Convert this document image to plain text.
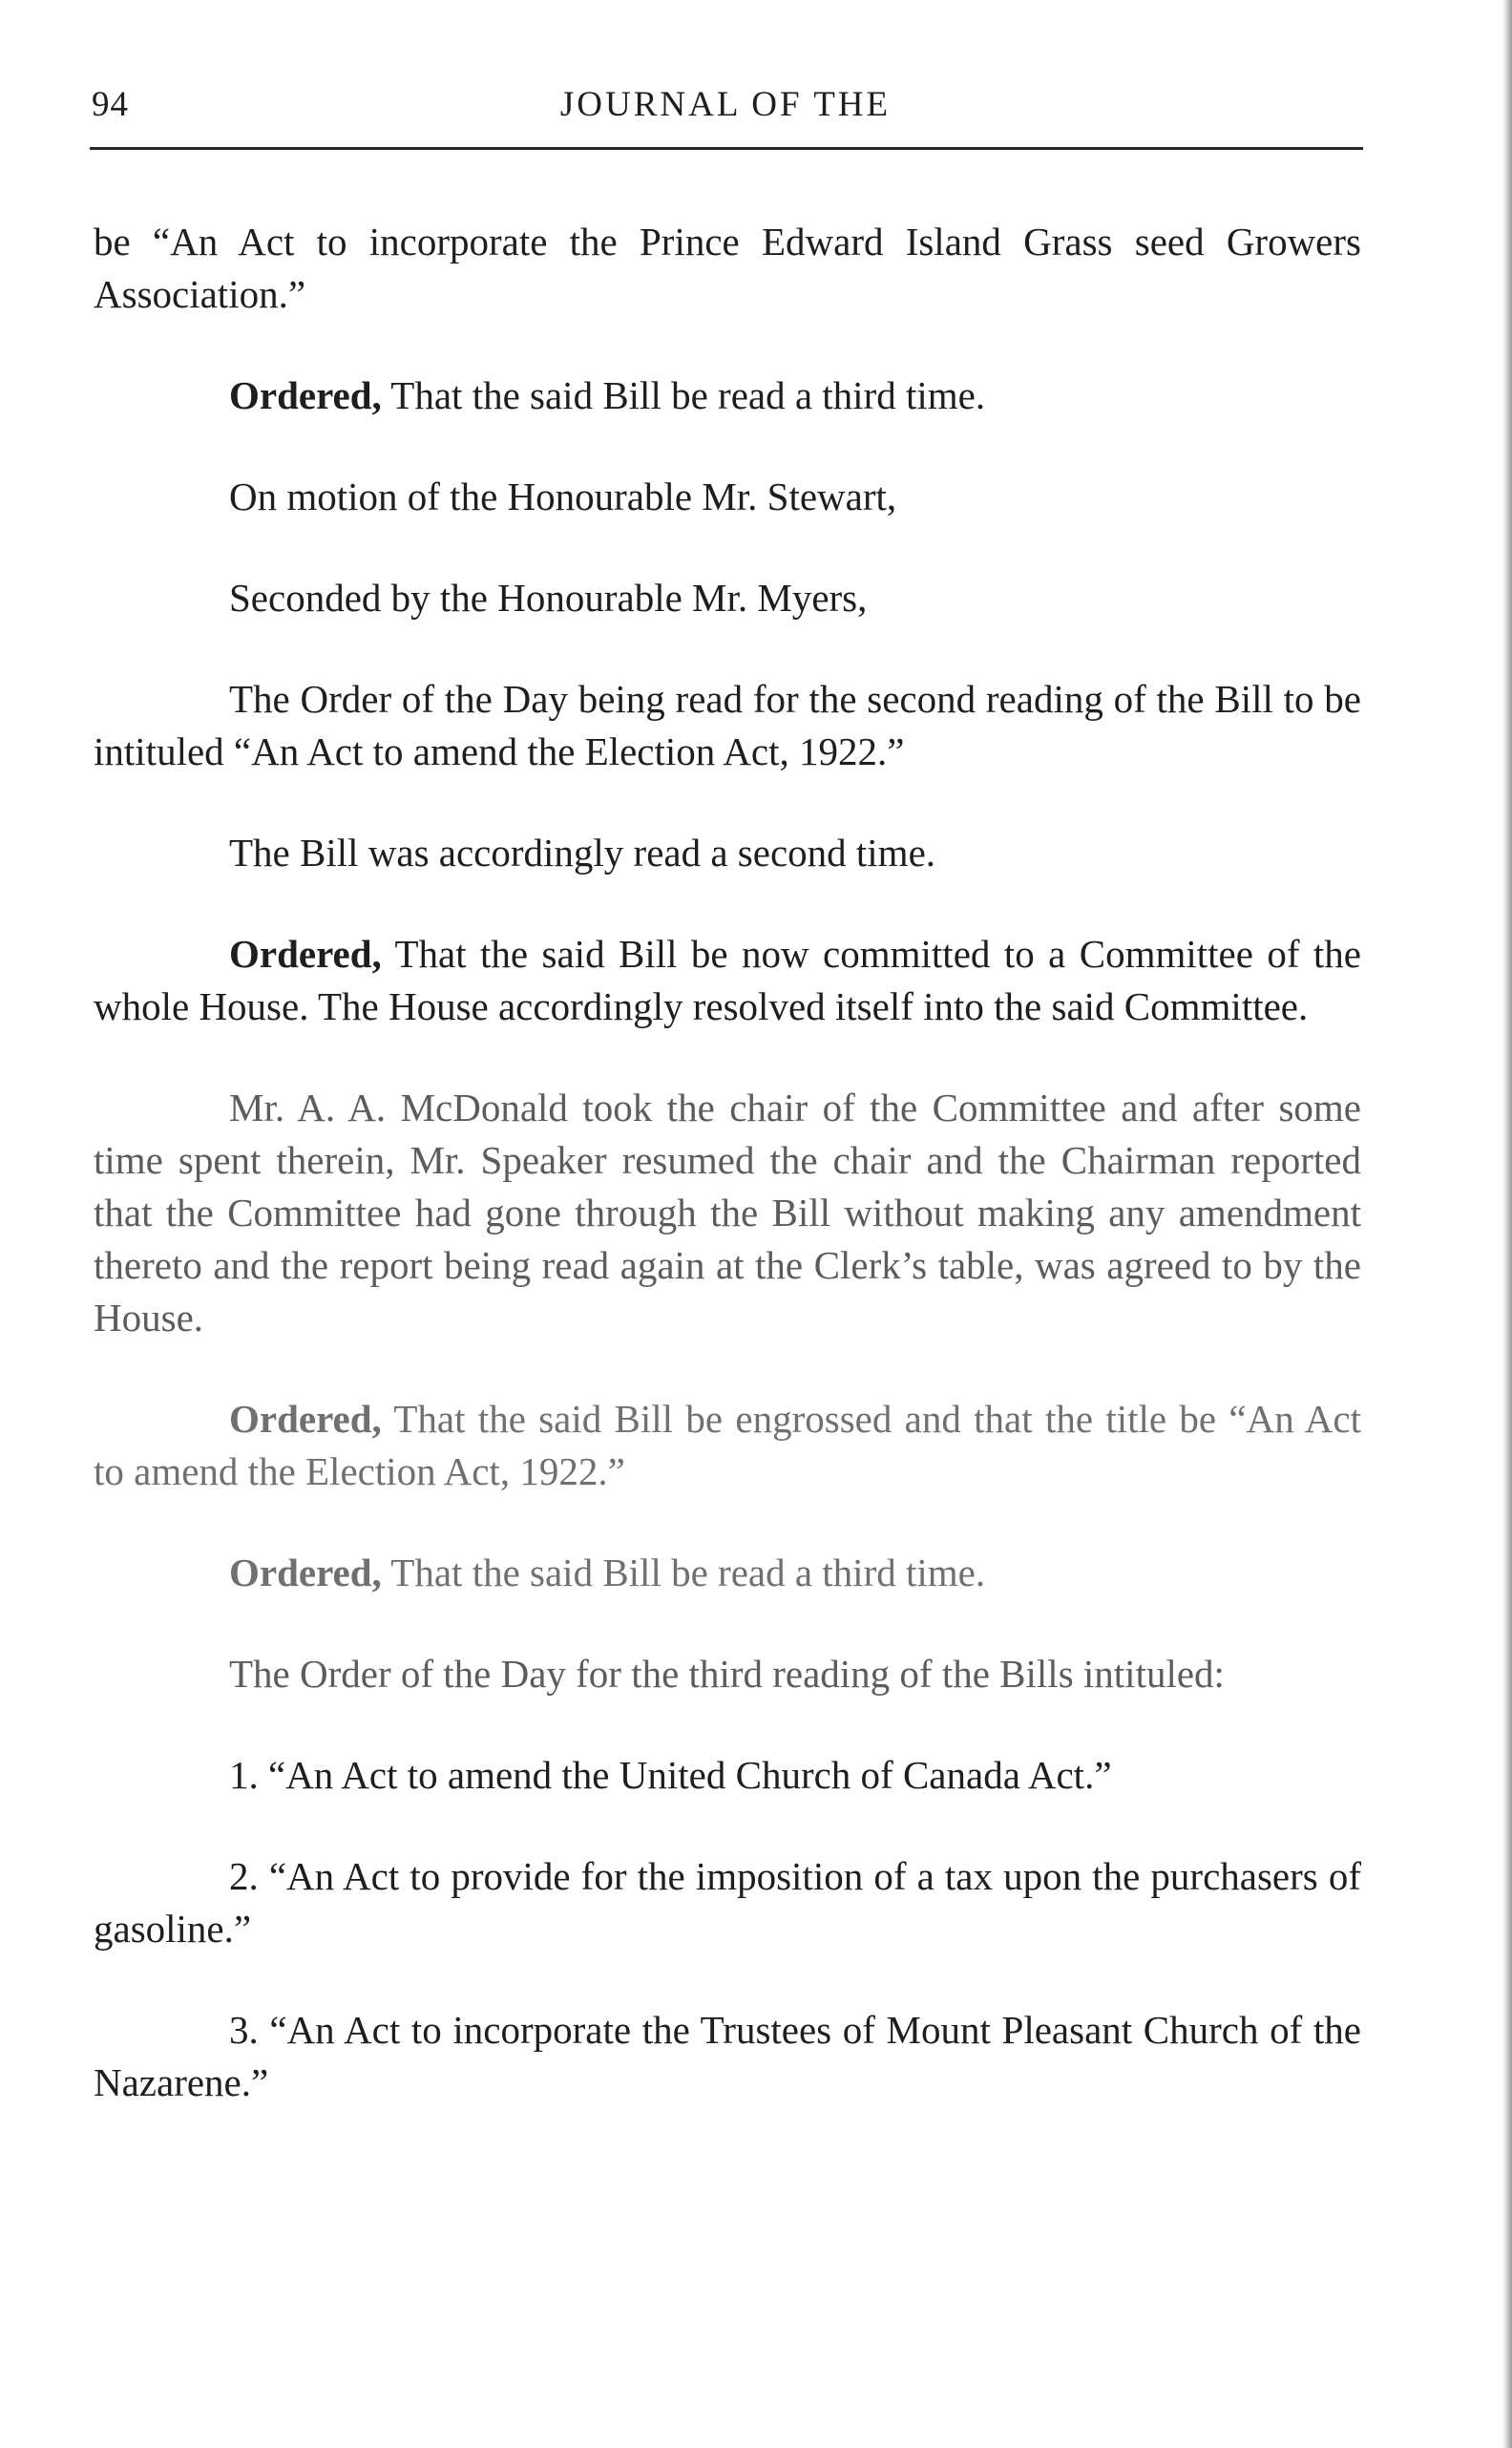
94	JOURNAL OF THE

be “An Act to incorporate the Prince Edward Island Grass seed Growers Association.”

Ordered, That the said Bill be read a third time.

On motion of the Honourable Mr. Stewart,

Seconded by the Honourable Mr. Myers,

The Order of the Day being read for the second reading of the Bill to be intituled “An Act to amend the Election Act, 1922.”

The Bill was accordingly read a second time.

Ordered, That the said Bill be now committed to a Committee of the whole House. The House accordingly resolved itself into the said Committee.

Mr. A. A. McDonald took the chair of the Committee and after some time spent therein, Mr. Speaker resumed the chair and the Chairman reported that the Committee had gone through the Bill without making any amendment thereto and the report being read again at the Clerk’s table, was agreed to by the House.

Ordered, That the said Bill be engrossed and that the title be “An Act to amend the Election Act, 1922.”

Ordered, That the said Bill be read a third time.

The Order of the Day for the third reading of the Bills intituled:

1. “An Act to amend the United Church of Canada Act.”

2. “An Act to provide for the imposition of a tax upon the purchasers of gasoline.”

3. “An Act to incorporate the Trustees of Mount Pleasant Church of the Nazarene.”
